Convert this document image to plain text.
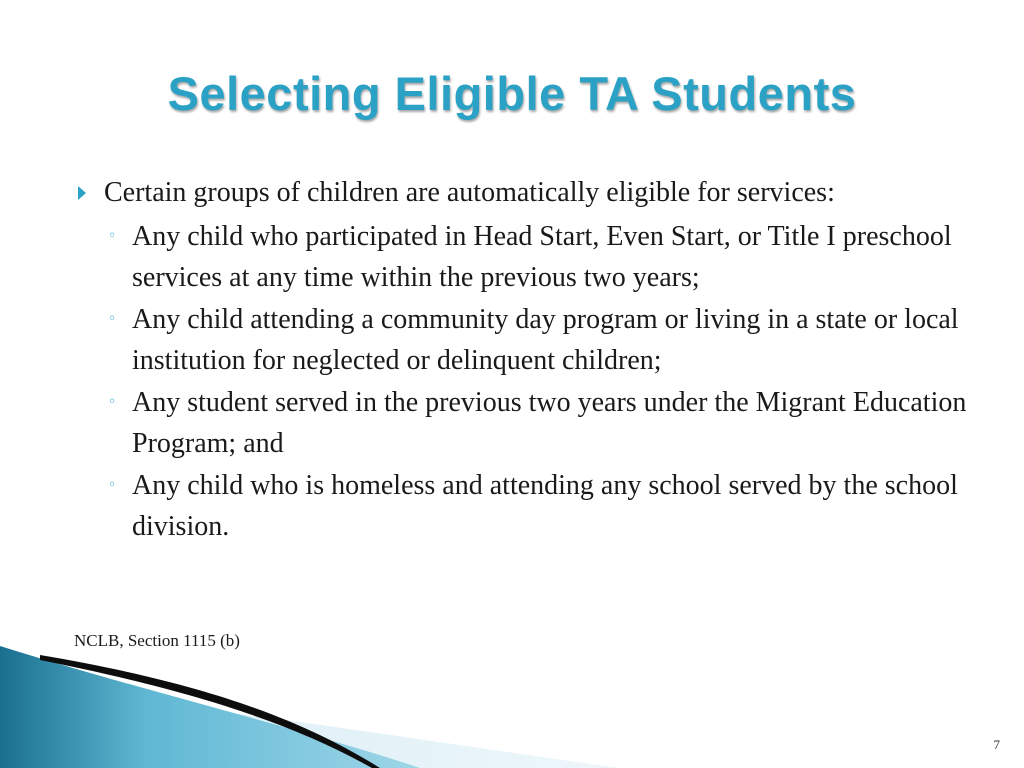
Selecting Eligible TA Students
Certain groups of children are automatically eligible for services:
◦ Any child who participated in Head Start, Even Start, or Title I preschool services at any time within the previous two years;
◦ Any child attending a community day program or living in a state or local institution for neglected or delinquent children;
◦ Any student served in the previous two years under the Migrant Education Program; and
◦ Any child who is homeless and attending any school served by the school division.
NCLB, Section 1115 (b)
7
